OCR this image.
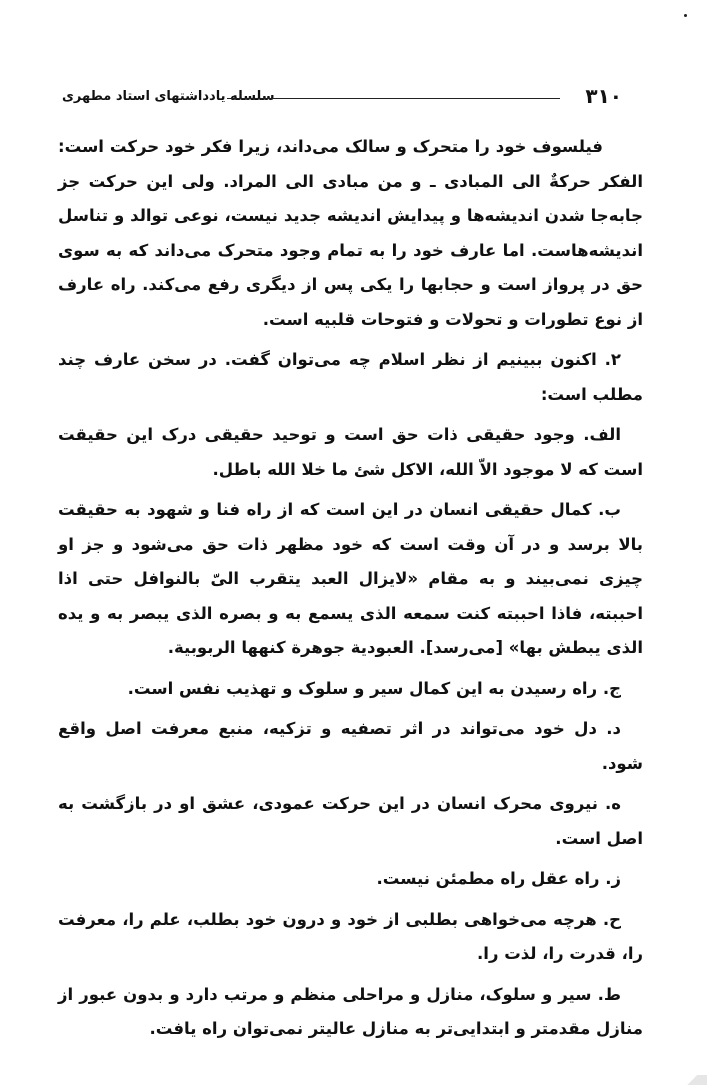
سلسله یادداشتهای استاد مطهری	۳۱۰

فیلسوف خود را متحرک و سالک می‌داند، زیرا فکر خود حرکت است: الفکر حرکةٌ الی المبادی ـ و من مبادی الی المراد. ولی این حرکت جز جابه‌جا شدن اندیشه‌ها و پیدایش اندیشه جدید نیست، نوعی توالد و تناسل اندیشه‌هاست. اما عارف خود را به تمام وجود متحرک می‌داند که به سوی حق در پرواز است و حجابها را یکی پس از دیگری رفع می‌کند. راه عارف از نوع تطورات و تحولات و فتوحات قلبیه است.

۲. اکنون ببینیم از نظر اسلام چه می‌توان گفت. در سخن عارف چند مطلب است:

الف. وجود حقیقی ذات حق است و توحید حقیقی درک این حقیقت است که لا موجود الاّ الله، الاکل شئ ما خلا الله باطل.

ب. کمال حقیقی انسان در این است که از راه فنا و شهود به حقیقت بالا برسد و در آن وقت است که خود مظهر ذات حق می‌شود و جز او چیزی نمی‌بیند و به مقام «لایزال العبد یتقرب الیّ بالنوافل حتی اذا احببته، فاذا احببته کنت سمعه الذی یسمع به و بصره الذی یبصر به و یده الذی یبطش بها» [می‌رسد]. العبودیة جوهرة کنهها الربوبیة.

ج. راه رسیدن به این کمال سیر و سلوک و تهذیب نفس است.

د. دل خود می‌تواند در اثر تصفیه و تزکیه، منبع معرفت اصل واقع شود.

ه. نیروی محرک انسان در این حرکت عمودی، عشق او در بازگشت به اصل است.

ز. راه عقل راه مطمئن نیست.

ح. هرچه می‌خواهی بطلبی از خود و درون خود بطلب، علم را، معرفت را، قدرت را، لذت را.

ط. سیر و سلوک، منازل و مراحلی منظم و مرتب دارد و بدون عبور از منازل مقدمتر و ابتدایی‌تر به منازل عالیتر نمی‌توان راه یافت.
